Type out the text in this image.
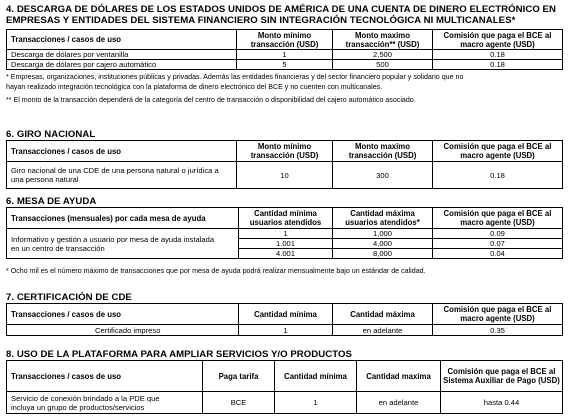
4. DESCARGA DE DÓLARES DE LOS ESTADOS UNIDOS DE AMÉRICA DE UNA CUENTA DE DINERO ELECTRÓNICO EN
EMPRESAS Y ENTIDADES DEL SISTEMA FINANCIERO SIN INTEGRACIÓN TECNOLÓGICA NI MULTICANALES*
Transacciones / casos de uso	Monto mínimo transacción (USD)	Monto maximo transacción** (USD)	Comisión que paga el BCE al macro agente (USD)
Descarga de dólares por ventanilla	1	2,500	0.18
Descarga de dólares por cajero automático	5	500	0.18
* Empresas, organizaciones, instituciones públicas y privadas. Además las entidades financieras y del sector financiero popular y solidario que no
hayan realizado integración tecnológica con la plataforma de dinero electrónico del BCE y no cuenten con multicanales.
** El monto de la transacción dependerá de la categoría del centro de transacción o disponibilidad del cajero automático asociado.
6. GIRO NACIONAL
Transacciones / casos de uso	Monto mínimo transacción (USD)	Monto maximo transacción (USD)	Comisión que paga el BCE al macro agente (USD)

Giro nacional de una CDE de una persona natural o jurídica a
una persona natural	10	300	0.18
6. MESA DE AYUDA
Transacciones (mensuales) por cada mesa de ayuda	Cantidad mínima usuarios atendidos	Cantidad máxima usuarios atendidos*	Comisión que paga el BCE al macro agente (USD)

Informativo y gestión a usuario por mesa de ayuda instalada
en un centro de transacción	1	1,000	0.09
	1.001	4,000	0.07
	4.001	8,000	0.04
* Ocho mil es el número máximo de transacciones que por mesa de ayuda podrá realizar mensualmente bajo un estándar de calidad.
7. CERTIFICACIÓN DE CDE
Transacciones / casos de uso	Cantidad mínima	Cantidad máxima	Comisión que paga el BCE al macro agente (USD)
Certificado impreso	1	en adelante	0.35
8. USO DE LA PLATAFORMA PARA AMPLIAR SERVICIOS Y/O PRODUCTOS
Transacciones / casos de uso	Paga tarifa	Cantidad mínima	Cantidad maxima	Comisión que paga el BCE al Sistema Auxiliar de Pago (USD)

Servicio de conexión brindado a la PDE que
incluya un grupo de productos/servicios	BCE	1	en adelante	hasta 0.44
